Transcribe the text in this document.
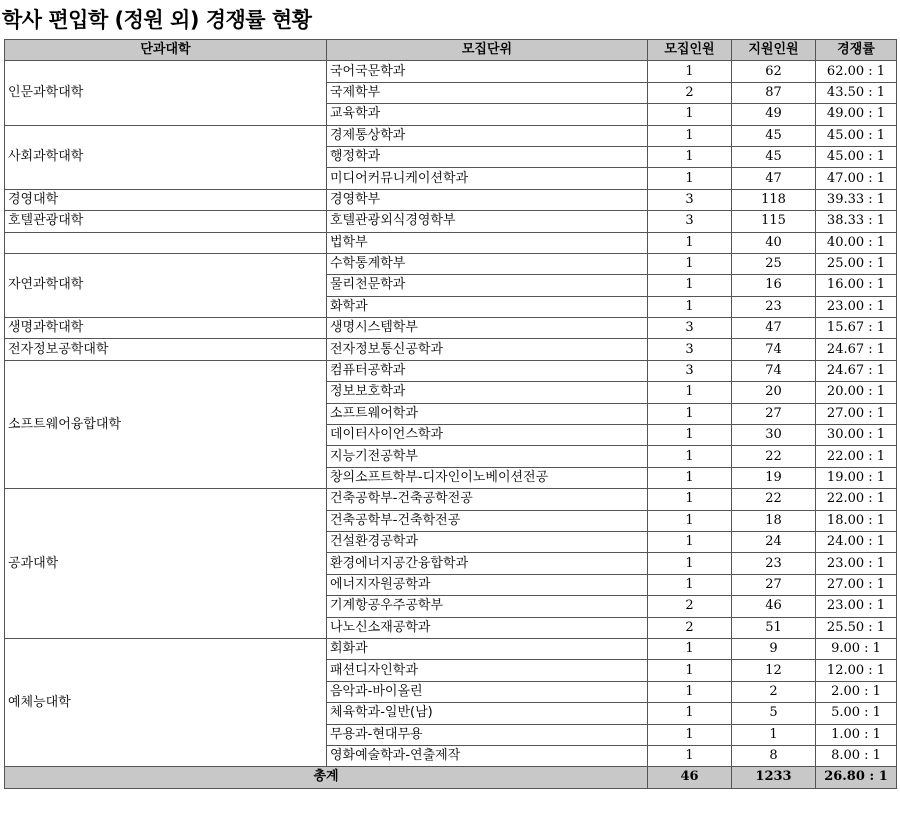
학사 편입학 (정원 외) 경쟁률 현황
단과대학	모집단위	모집인원	지원인원	경쟁률
인문과학대학	국어국문학과	1	62	62.00 : 1
	국제학부	2	87	43.50 : 1
	교육학과	1	49	49.00 : 1
사회과학대학	경제통상학과	1	45	45.00 : 1
	행정학과	1	45	45.00 : 1
	미디어커뮤니케이션학과	1	47	47.00 : 1
경영대학	경영학부	3	118	39.33 : 1
호텔관광대학	호텔관광외식경영학부	3	115	38.33 : 1
	법학부	1	40	40.00 : 1
자연과학대학	수학통계학부	1	25	25.00 : 1
	물리천문학과	1	16	16.00 : 1
	화학과	1	23	23.00 : 1
생명과학대학	생명시스템학부	3	47	15.67 : 1
전자정보공학대학	전자정보통신공학과	3	74	24.67 : 1
소프트웨어융합대학	컴퓨터공학과	3	74	24.67 : 1
	정보보호학과	1	20	20.00 : 1
	소프트웨어학과	1	27	27.00 : 1
	데이터사이언스학과	1	30	30.00 : 1
	지능기전공학부	1	22	22.00 : 1
	창의소프트학부-디자인이노베이션전공	1	19	19.00 : 1
공과대학	건축공학부-건축공학전공	1	22	22.00 : 1
	건축공학부-건축학전공	1	18	18.00 : 1
	건설환경공학과	1	24	24.00 : 1
	환경에너지공간융합학과	1	23	23.00 : 1
	에너지자원공학과	1	27	27.00 : 1
	기계항공우주공학부	2	46	23.00 : 1
	나노신소재공학과	2	51	25.50 : 1
예체능대학	회화과	1	9	9.00 : 1
	패션디자인학과	1	12	12.00 : 1
	음악과-바이올린	1	2	2.00 : 1
	체육학과-일반(남)	1	5	5.00 : 1
	무용과-현대무용	1	1	1.00 : 1
	영화예술학과-연출제작	1	8	8.00 : 1
총계		46	1233	26.80 : 1
